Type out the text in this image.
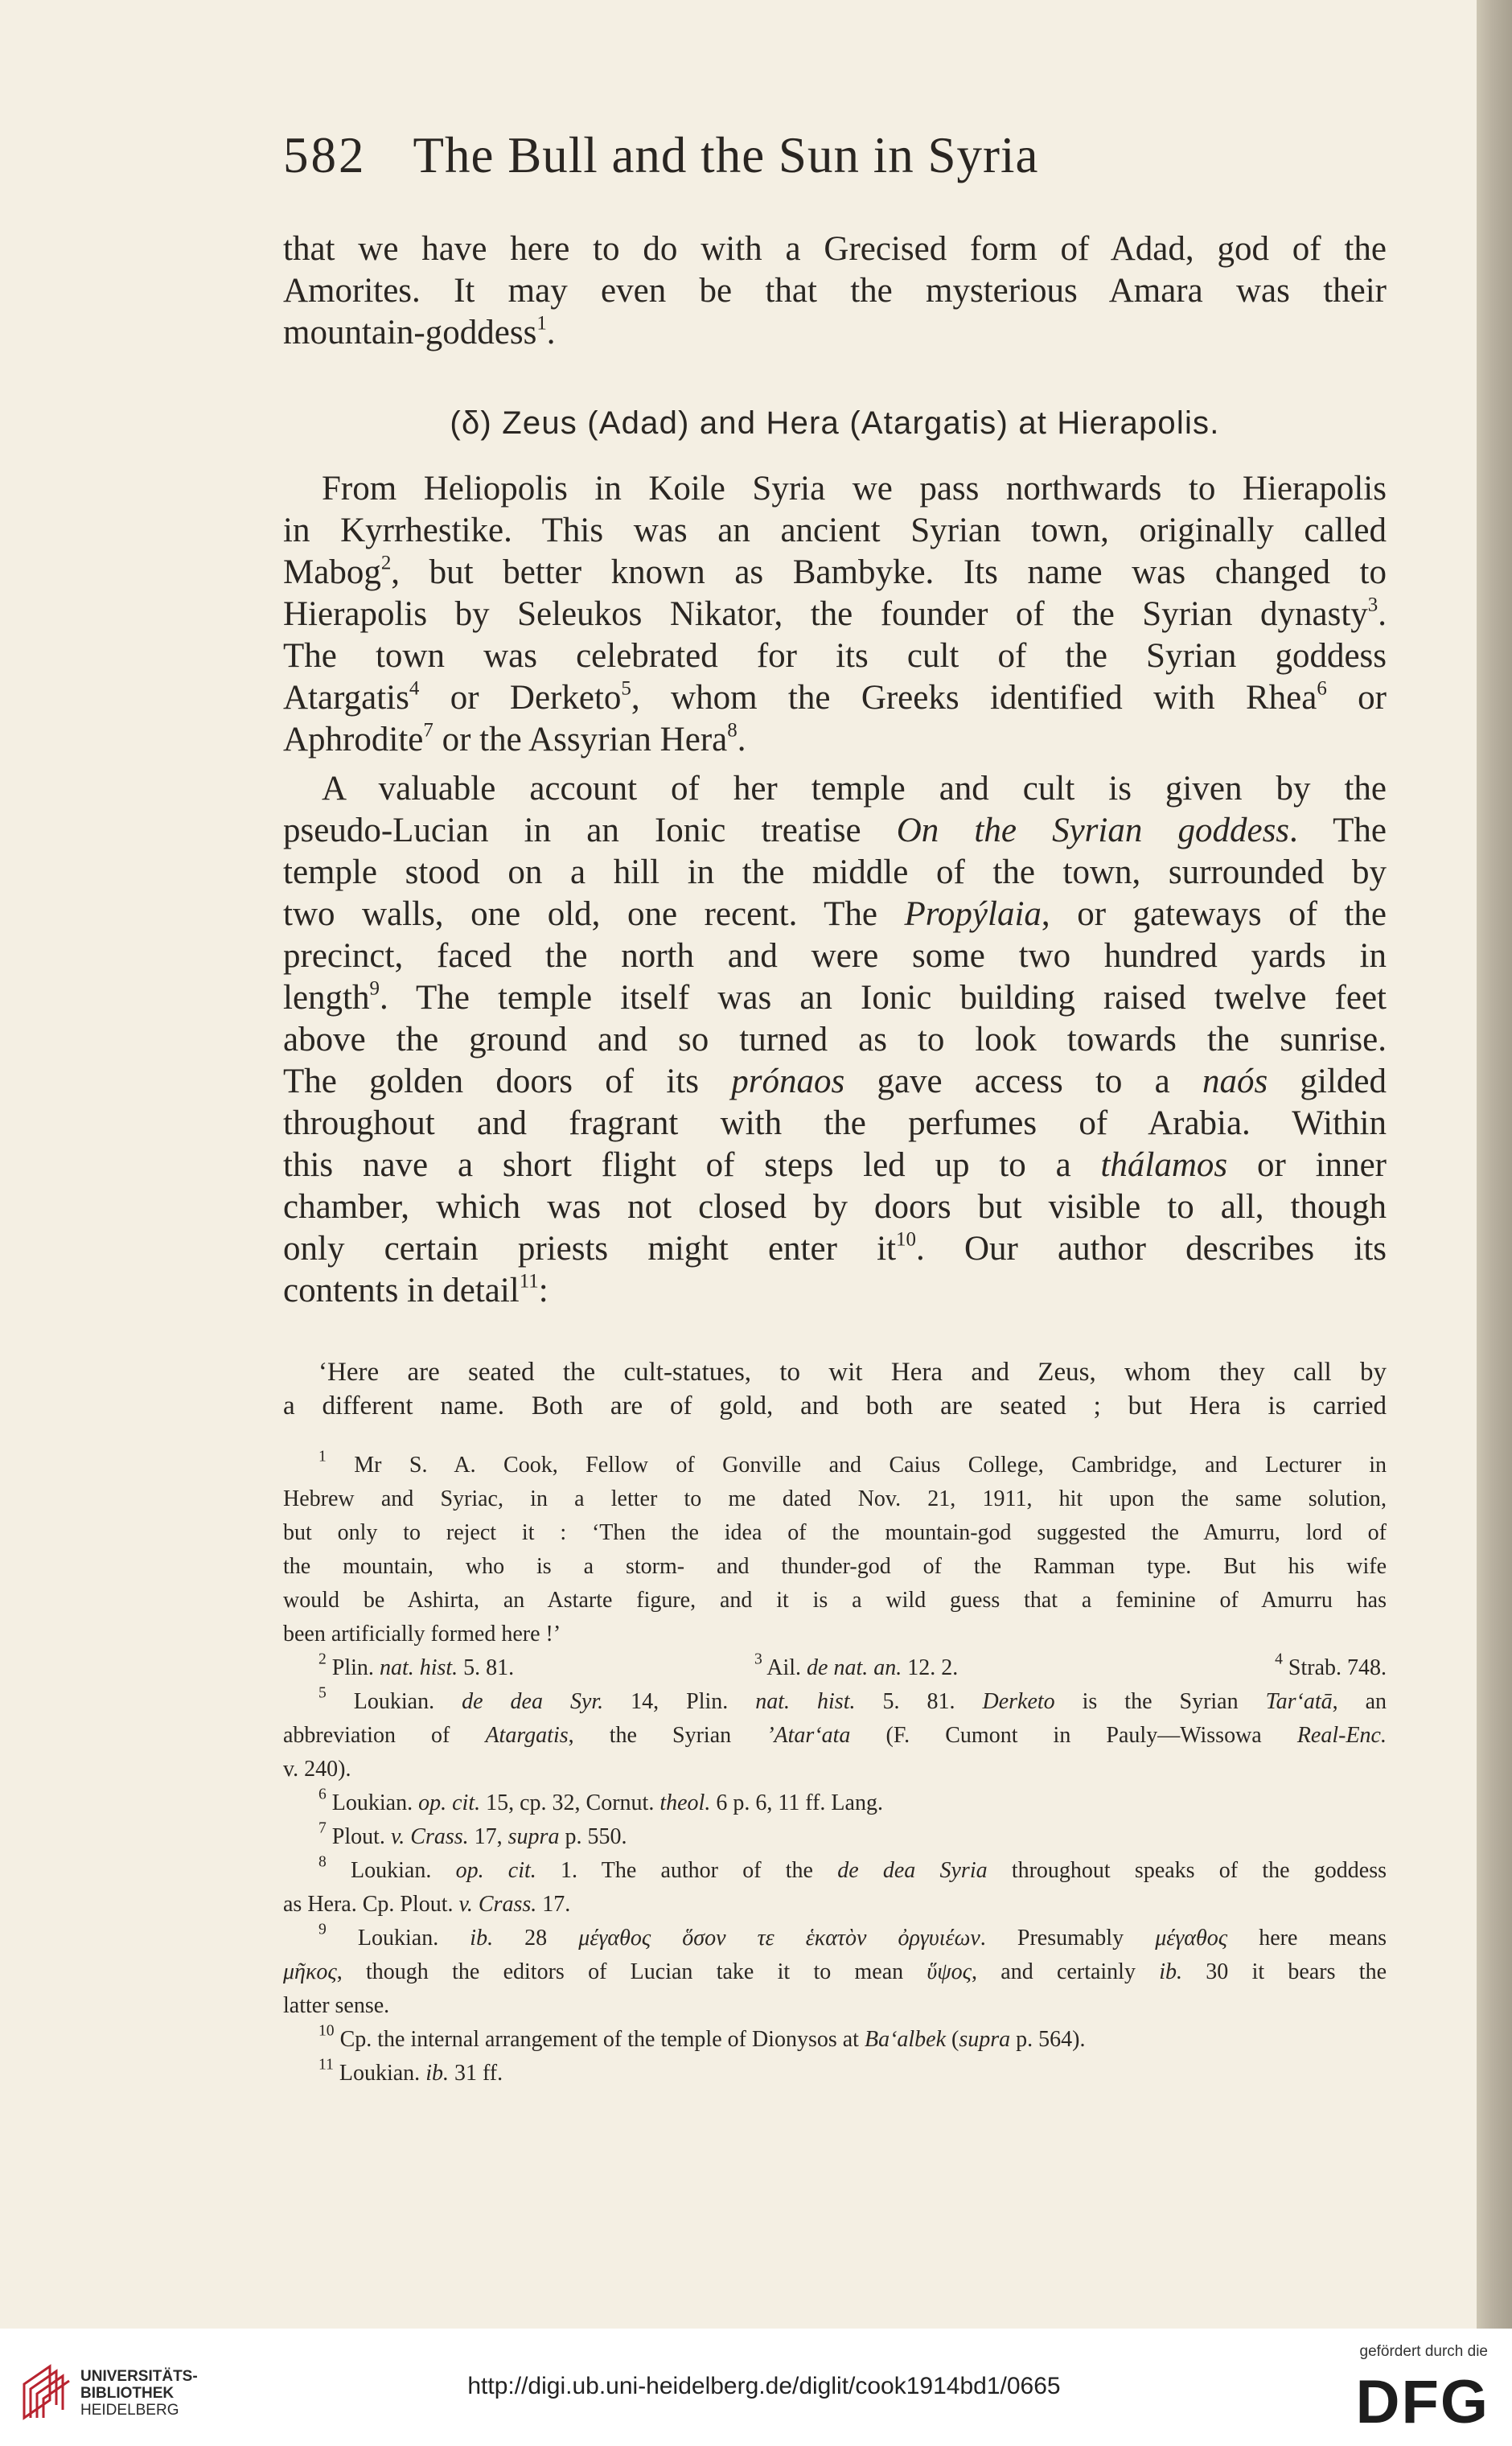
582 The Bull and the Sun in Syria
that we have here to do with a Grecised form of Adad, god of the
Amorites. It may even be that the mysterious Amara was their
mountain-goddess$^1$.
(δ) Zeus (Adad) and Hera (Atargatis) at Hierapolis.
From Heliopolis in Koile Syria we pass northwards to Hierapolis
in Kyrrhestike. This was an ancient Syrian town, originally called
Mabog$^2$, but better known as Bambyke. Its name was changed to
Hierapolis by Seleukos Nikator, the founder of the Syrian dynasty$^3$.
The town was celebrated for its cult of the Syrian goddess
Atargatis$^4$ or Derketo$^5$, whom the Greeks identified with Rhea$^6$ or
Aphrodite$^7$ or the Assyrian Hera$^8$.
A valuable account of her temple and cult is given by the
pseudo-Lucian in an Ionic treatise On the Syrian goddess. The
temple stood on a hill in the middle of the town, surrounded by
two walls, one old, one recent. The Propýlaia, or gateways of the
precinct, faced the north and were some two hundred yards in
length$^9$. The temple itself was an Ionic building raised twelve feet
above the ground and so turned as to look towards the sunrise.
The golden doors of its prónaos gave access to a naós gilded
throughout and fragrant with the perfumes of Arabia. Within
this nave a short flight of steps led up to a thálamos or inner
chamber, which was not closed by doors but visible to all, though
only certain priests might enter $it^{10}$. Our author describes its
contents in detail$^{11}$:
‘Here are seated the cult-statues, to wit Hera and Zeus, whom they call by
a different name. Both are of gold, and both are seated ; but Hera is carried
$^1$ Mr S. A. Cook, Fellow of Gonville and Caius College, Cambridge, and Lecturer in
Hebrew and Syriac, in a letter to me dated Nov. 21, 1911, hit upon the same solution,
but only to reject it : ‘Then the idea of the mountain-god suggested the Amurru, lord of
the mountain, who is a storm- and thunder-god of the Ramman type. But his wife
would be Ashirta, an Astarte figure, and it is a wild guess that a feminine of Amurru has
been artificially formed here !’
$^2$ Plin. nat. hist. 5. 81.	$^3$ Ail. de nat. an. 12. 2.	$^4$ Strab. 748.
$^5$ Loukian. de dea Syr. 14, Plin. nat. hist. 5. 81. Derketo is the Syrian Tar‘atā, an
abbreviation of Atargatis, the Syrian ’Atar‘ata (F. Cumont in Pauly—Wissowa Real-Enc.
v. 240).
$^6$ Loukian. op. cit. 15, cp. 32, Cornut. theol. 6 p. 6, 11 ff. Lang.
$^7$ Plout. v. Crass. 17, supra p. 550.
$^8$ Loukian. op. cit. 1. The author of the de dea Syria throughout speaks of the goddess
as Hera. Cp. Plout. v. Crass. 17.
$^9$ Loukian. ib. 28 μέγαθος ὅσον τε ἑκατὸν ὀργυιέων. Presumably μέγαθος here means
μῆκος, though the editors of Lucian take it to mean ὕψος, and certainly ib. 30 it bears the
latter sense.
$^{10}$ Cp. the internal arrangement of the temple of Dionysos at Ba‘albek (supra p. 564).
$^{11}$ Loukian. ib. 31 ff.
UNIVERSITÄTS-
BIBLIOTHEK
HEIDELBERG
http://digi.ub.uni-heidelberg.de/diglit/cook1914bd1/0665
gefördert durch die
DFG
